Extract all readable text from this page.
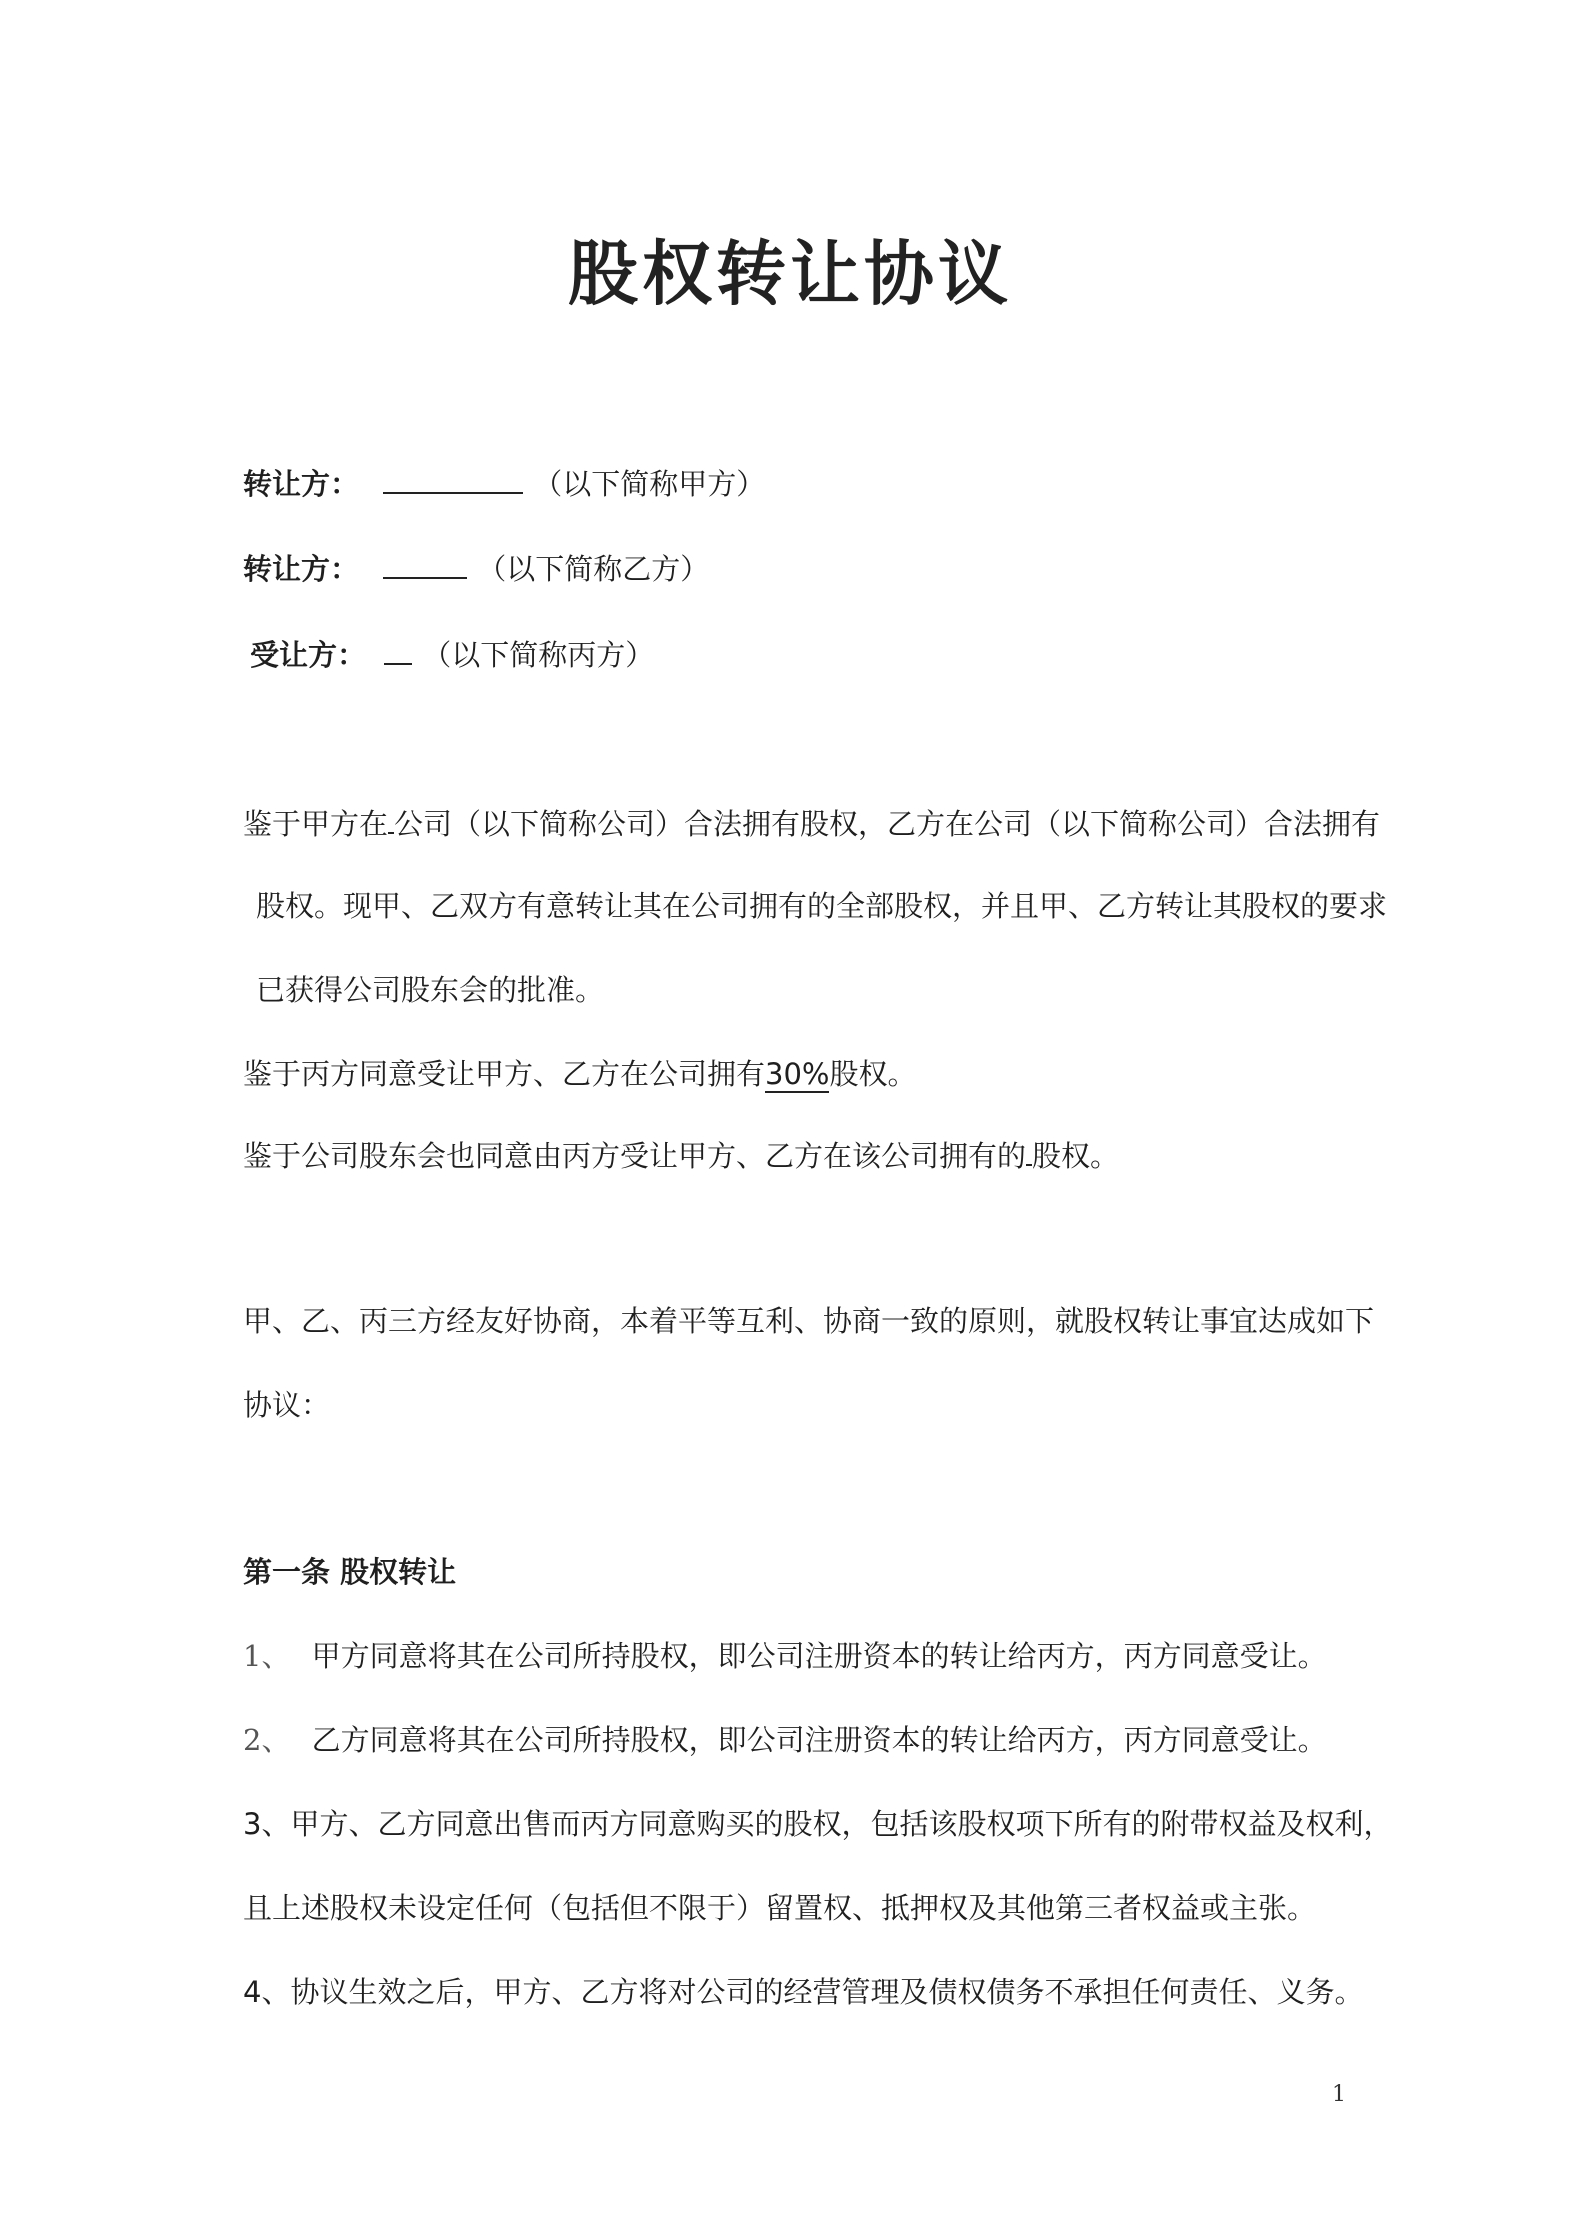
股权转让协议
转让方：	（以下简称甲方）
转让方：	（以下简称乙方）
受让方： （以下简称丙方）
鉴于甲方在 公司（以下简称公司）合法拥有股权，乙方在公司（以下简称公司）合法拥有
股权。现甲、乙双方有意转让其在公司拥有的全部股权，并且甲、乙方转让其股权的要求
已获得公司股东会的批准。
鉴于丙方同意受让甲方、乙方在公司拥有30%股权。
鉴于公司股东会也同意由丙方受让甲方、乙方在该公司拥有的 股权。
甲、乙、丙三方经友好协商，本着平等互利、协商一致的原则，就股权转让事宜达成如下
协议：
第一条 股权转让
1、 甲方同意将其在公司所持股权，即公司注册资本的转让给丙方，丙方同意受让。
2、 乙方同意将其在公司所持股权，即公司注册资本的转让给丙方，丙方同意受让。
3、甲方、乙方同意出售而丙方同意购买的股权，包括该股权项下所有的附带权益及权利，
且上述股权未设定任何（包括但不限于）留置权、抵押权及其他第三者权益或主张。
4、协议生效之后，甲方、乙方将对公司的经营管理及债权债务不承担任何责任、义务。
1
